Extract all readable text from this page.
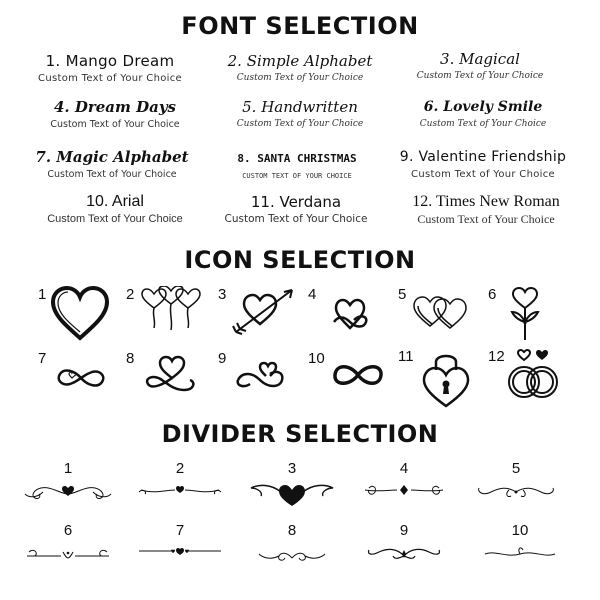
FONT SELECTION
1. Mango Dream
Custom Text of Your Choice
2. Simple Alphabet
Custom Text of Your Choice
3. Magical
Custom Text of Your Choice
4. Dream Days
Custom Text of Your Choice
5. Handwritten
Custom Text of Your Choice
6. Lovely Smile
Custom Text of Your Choice
7. Magic Alphabet
Custom Text of Your Choice
8. SANTA CHRISTMAS
CUSTOM TEXT OF YOUR CHOICE
9. Valentine Friendship
Custom Text of Your Choice
10. Arial
Custom Text of Your Choice
11. Verdana
Custom Text of Your Choice
12. Times New Roman
Custom Text of Your Choice
ICON SELECTION
1	2	3	4	5	6
7	8	9	10	11	12
DIVIDER SELECTION
1	2	3	4	5
6	7	8	9	10
